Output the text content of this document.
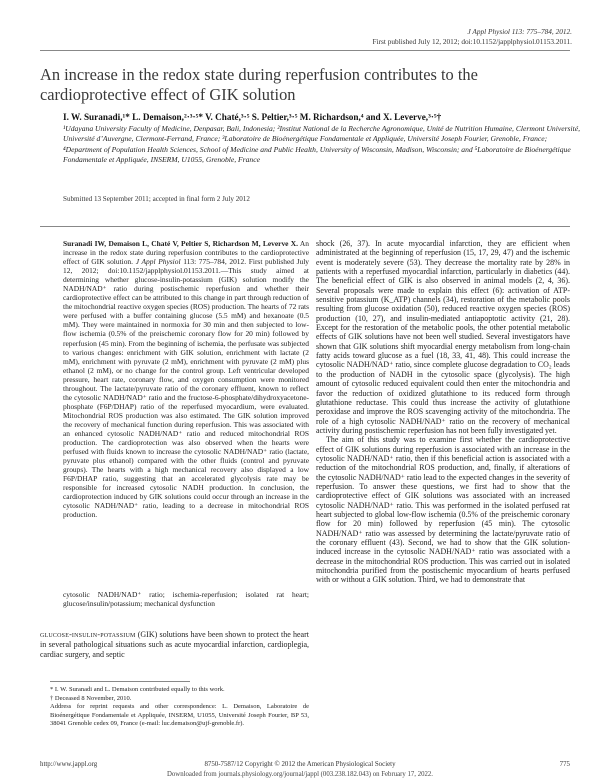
J Appl Physiol 113: 775–784, 2012.
First published July 12, 2012; doi:10.1152/japplphysiol.01153.2011.
An increase in the redox state during reperfusion contributes to the cardioprotective effect of GIK solution
I. W. Suranadi,¹* L. Demaison,²·³·⁵* V. Chaté,³·⁵ S. Peltier,³·⁵ M. Richardson,⁴ and X. Leverve,³·⁵†
¹Udayana University Faculty of Medicine, Denpasar, Bali, Indonesia; ²Institut National de la Recherche Agronomique, Unité de Nutrition Humaine, Clermont Université, Université d’Auvergne, Clermont-Ferrand, France; ³Laboratoire de Bioénergétique Fondamentale et Appliquée, Université Joseph Fourier, Grenoble, France; ⁴Department of Population Health Sciences, School of Medicine and Public Health, University of Wisconsin, Madison, Wisconsin; and ⁵Laboratoire de Bioénergétique Fondamentale et Appliquée, INSERM, U1055, Grenoble, France
Submitted 13 September 2011; accepted in final form 2 July 2012

Suranadi IW, Demaison L, Chaté V, Peltier S, Richardson M, Leverve X. An increase in the redox state during reperfusion contributes to the cardioprotective effect of GIK solution. J Appl Physiol 113: 775–784, 2012. First published July 12, 2012; doi:10.1152/japplphysiol.01153.2011.—This study aimed at determining whether glucose-insulin-potassium (GIK) solution modify the NADH/NAD⁺ ratio during postischemic reperfusion and whether their cardioprotective effect can be attributed to this change in part through reduction of the mitochondrial reactive oxygen species (ROS) production. The hearts of 72 rats were perfused with a buffer containing glucose (5.5 mM) and hexanoate (0.5 mM). They were maintained in normoxia for 30 min and then subjected to low-flow ischemia (0.5% of the preischemic coronary flow for 20 min) followed by reperfusion (45 min). From the beginning of ischemia, the perfusate was subjected to various changes: enrichment with GIK solution, enrichment with lactate (2 mM), enrichment with pyruvate (2 mM), enrichment with pyruvate (2 mM) plus ethanol (2 mM), or no change for the control group. Left ventricular developed pressure, heart rate, coronary flow, and oxygen consumption were monitored throughout. The lactate/pyruvate ratio of the coronary effluent, known to reflect the cytosolic NADH/NAD⁺ ratio and the fructose-6-phosphate/dihydroxyacetone-phosphate (F6P/DHAP) ratio of the reperfused myocardium, were evaluated. Mitochondrial ROS production was also estimated. The GIK solution improved the recovery of mechanical function during reperfusion. This was associated with an enhanced cytosolic NADH/NAD⁺ ratio and reduced mitochondrial ROS production. The cardioprotection was also observed when the hearts were perfused with fluids known to increase the cytosolic NADH/NAD⁺ ratio (lactate, pyruvate plus ethanol) compared with the other fluids (control and pyruvate groups). The hearts with a high mechanical recovery also displayed a low F6P/DHAP ratio, suggesting that an accelerated glycolysis rate may be responsible for increased cytosolic NADH production. In conclusion, the cardioprotection induced by GIK solutions could occur through an increase in the cytosolic NADH/NAD⁺ ratio, leading to a decrease in mitochondrial ROS production.

cytosolic NADH/NAD⁺ ratio; ischemia-reperfusion; isolated rat heart; glucose/insulin/potassium; mechanical dysfunction
glucose-insulin-potassium (GIK) solutions have been shown to protect the heart in several pathological situations such as acute myocardial infarction, cardioplegia, cardiac surgery, and septic
* I. W. Suranadi and L. Demaison contributed equally to this work.
† Deceased 8 November, 2010.
Address for reprint requests and other correspondence: L. Demaison, Laboratoire de Bioénergétique Fondamentale et Appliquée, INSERM, U1055, Université Joseph Fourier, BP 53, 38041 Grenoble cedex 09, France (e-mail: luc.demaison@ujf-grenoble.fr).

shock (26, 37). In acute myocardial infarction, they are efficient when administrated at the beginning of reperfusion (15, 17, 29, 47) and the ischemic event is moderately severe (53). They decrease the mortality rate by 28% in patients with a reperfused myocardial infarction, particularly in diabetics (44). The beneficial effect of GIK is also observed in animal models (2, 4, 36). Several proposals were made to explain this effect (6): activation of ATP-sensitive potassium (K_ATP) channels (34), restoration of the metabolic pools resulting from glucose oxidation (50), reduced reactive oxygen species (ROS) production (10, 27), and insulin-mediated antiapoptotic activity (21, 28). Except for the restoration of the metabolic pools, the other potential metabolic effects of GIK solutions have not been well studied. Several investigators have shown that GIK solutions shift myocardial energy metabolism from long-chain fatty acids toward glucose as a fuel (18, 33, 41, 48). This could increase the cytosolic NADH/NAD⁺ ratio, since complete glucose degradation to CO₂ leads to the production of NADH in the cytosolic space (glycolysis). The high amount of cytosolic reduced equivalent could then enter the mitochondria and favor the reduction of oxidized glutathione to its reduced form through glutathione reductase. This could thus increase the activity of glutathione peroxidase and improve the ROS scavenging activity of the mitochondria. The role of a high cytosolic NADH/NAD⁺ ratio on the recovery of mechanical activity during postischemic reperfusion has not been fully investigated yet.

The aim of this study was to examine first whether the cardioprotective effect of GIK solutions during reperfusion is associated with an increase in the cytosolic NADH/NAD⁺ ratio, then if this beneficial action is associated with a reduction of the mitochondrial ROS production, and, finally, if alterations of the cytosolic NADH/NAD⁺ ratio lead to the expected changes in the severity of reperfusion. To answer these questions, we first had to show that the cardioprotective effect of GIK solutions was associated with an increased cytosolic NADH/NAD⁺ ratio. This was performed in the isolated perfused rat heart subjected to global low-flow ischemia (0.5% of the preischemic coronary flow for 20 min) followed by reperfusion (45 min). The cytosolic NADH/NAD⁺ ratio was assessed by determining the lactate/pyruvate ratio of the coronary effluent (43). Second, we had to show that the GIK solution-induced increase in the cytosolic NADH/NAD⁺ ratio was associated with a decrease in the mitochondrial ROS production. This was carried out in isolated mitochondria purified from the postischemic myocardium of hearts perfused with or without a GIK solution. Third, we had to demonstrate that

http://www.jappl.org	8750-7587/12 Copyright © 2012 the American Physiological Society	775
Downloaded from journals.physiology.org/journal/jappl (003.238.182.043) on February 17, 2022.
